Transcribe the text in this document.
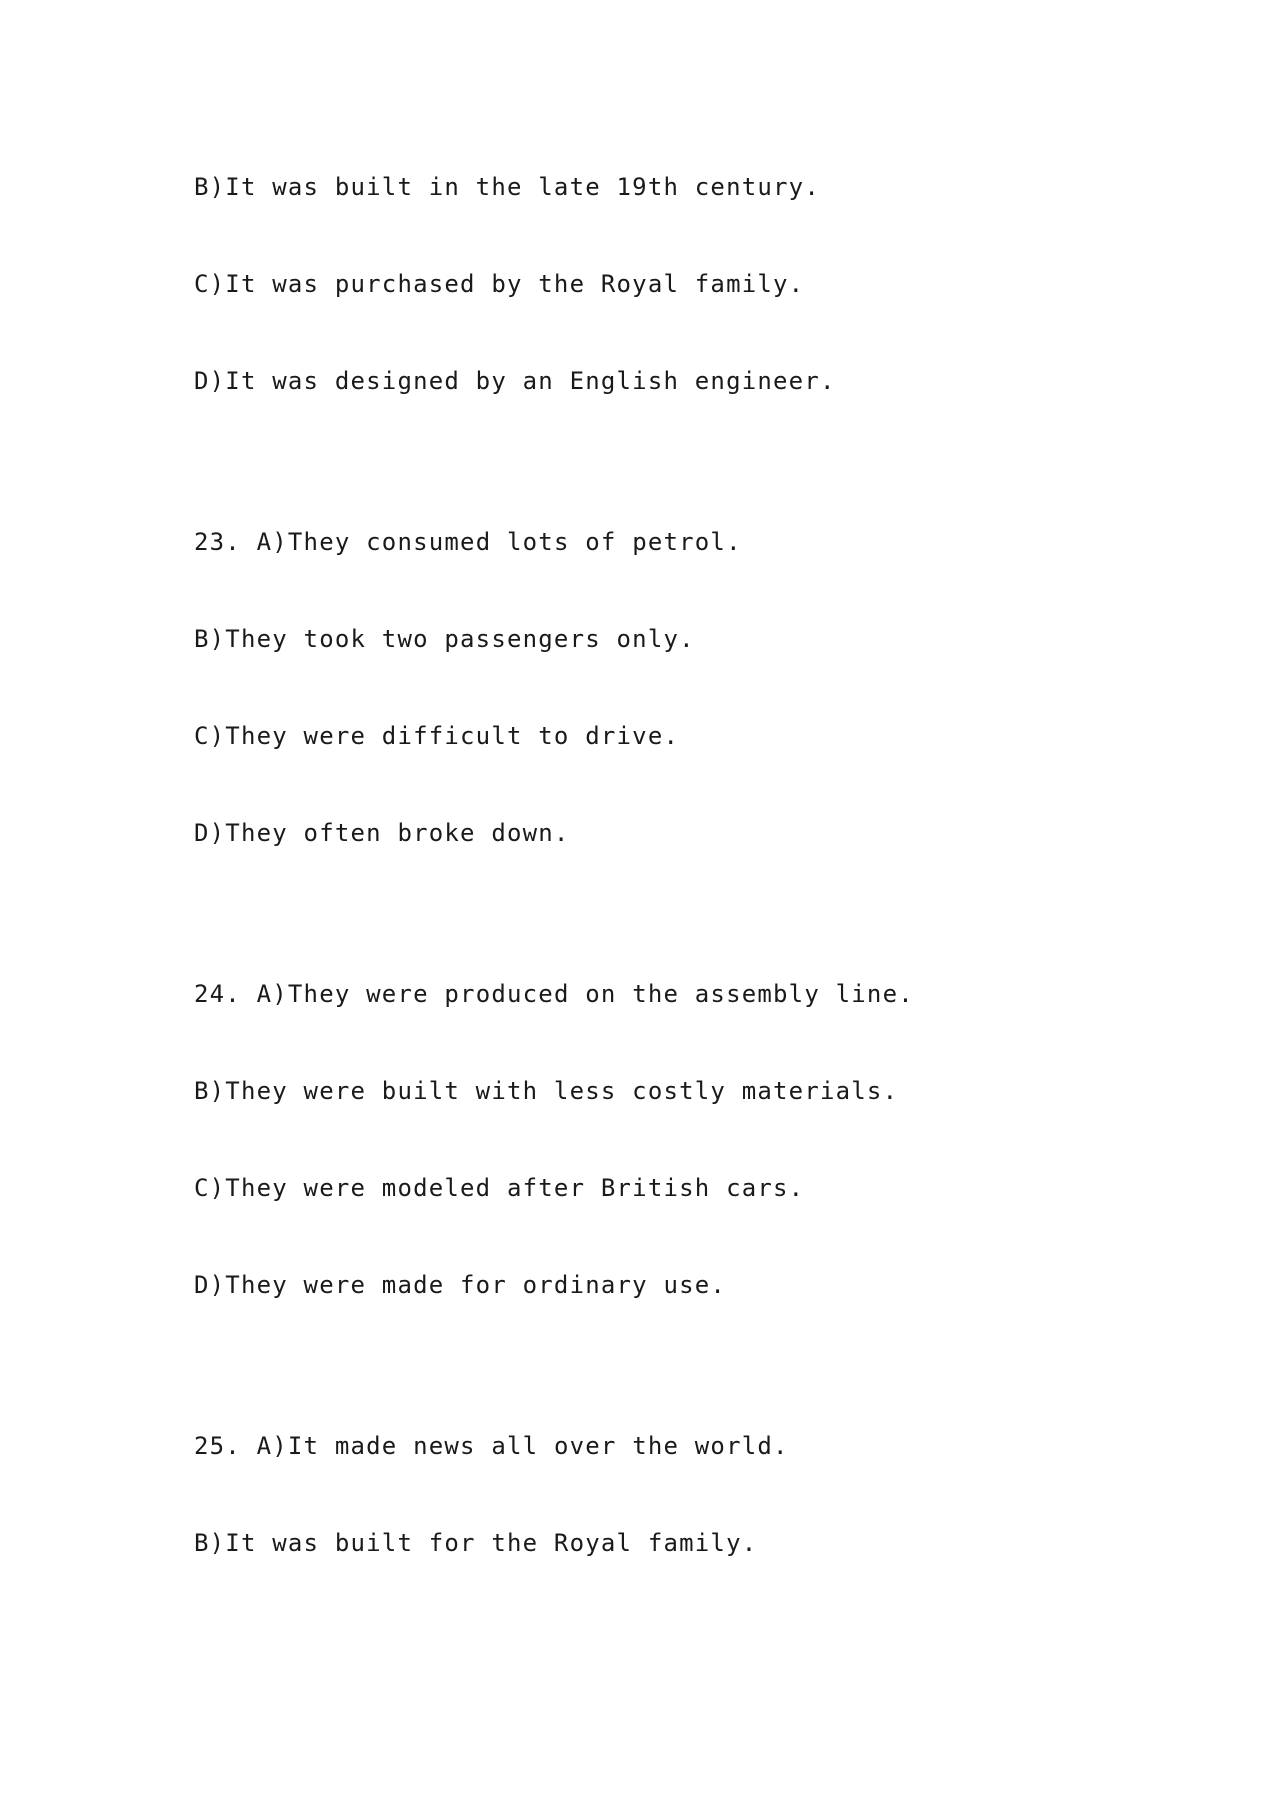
B)It was built in the late 19th century.

C)It was purchased by the Royal family.

D)It was designed by an English engineer.

23. A)They consumed lots of petrol.

B)They took two passengers only.

C)They were difficult to drive.

D)They often broke down.

24. A)They were produced on the assembly line.

B)They were built with less costly materials.

C)They were modeled after British cars.

D)They were made for ordinary use.

25. A)It made news all over the world.

B)It was built for the Royal family.
